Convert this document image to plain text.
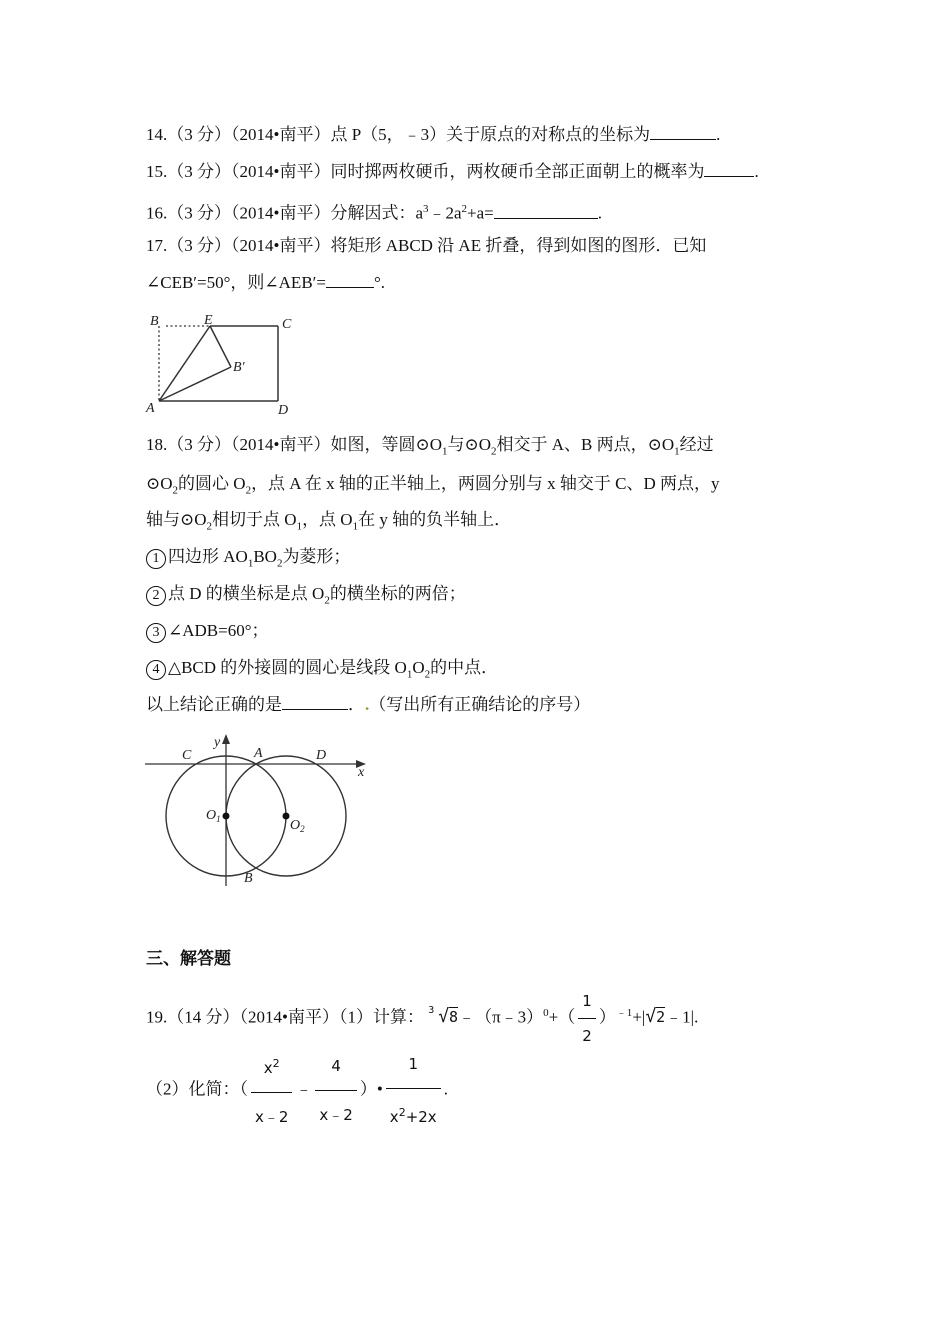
14.（3 分）（2014•南平）点 P（5，﹣3）关于原点的对称点的坐标为	.
15.（3 分）（2014•南平）同时掷两枚硬币，两枚硬币全部正面朝上的概率为	.
16.（3 分）（2014•南平）分解因式：$a^3﹣2a^2+a=$	.
17.（3 分）（2014•南平）将矩形 ABCD 沿 AE 折叠，得到如图的图形．已知
∠CEB′=50°，则∠AEB′=	°.
B	E	C
B′
A	D
18.（3 分）（2014•南平）如图，等圆$⊙O_1$与$⊙O_2$相交于 A、B 两点，$⊙O_1$经过
$⊙O_2$的圆心 $O_2$，点 A 在 x 轴的正半轴上，两圆分别与 x 轴交于 C、D 两点，y
轴与$⊙O_2$相切于点 $O_1$，点 $O_1$在 y 轴的负半轴上．
1 四边形 $AO_1BO_2$为菱形；
2 点 D 的横坐标是点 $O_2$的横坐标的两倍；
3 ∠ADB=60°；
4 △BCD 的外接圆的圆心是线段 $O_1O_2$的中点．
以上结论正确的是	．.（写出所有正确结论的序号）
y
x
C	A	D
$O_1$	$O_2$
B
三、解答题
19.（14 分）（2014•南平）（1）计算： 3 √8﹣（π﹣3）$^0$+（ $\frac{1}{2}$ ）$^{﹣1}$+|√2﹣1|.
（2）化简：（ $\frac{x^2}{x﹣2}$ ﹣ $\frac{4}{x﹣2}$ ）• $\frac{1}{x^2+2x}$ .
